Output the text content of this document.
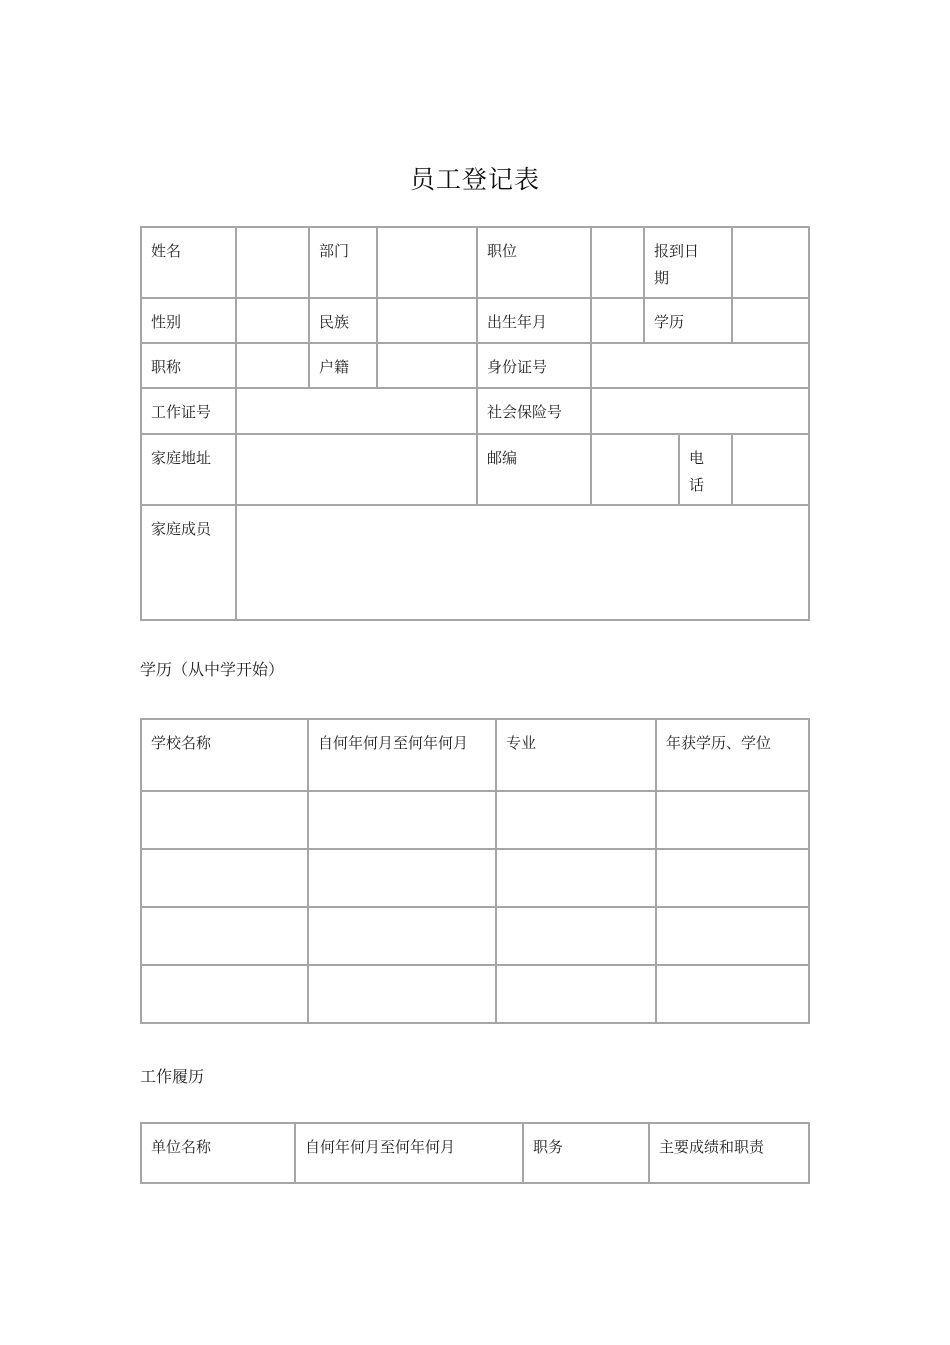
员工登记表
姓名		部门		职位		报到日期		
性别		民族		出生年月		学历		
职称		户籍		身份证号				
工作证号				社会保险号				
家庭地址				邮编			电话	
家庭成员								
学历（从中学开始）
学校名称	自何年何月至何年何月	专业	年获学历、学位

工作履历
单位名称	自何年何月至何年何月	职务	主要成绩和职责
